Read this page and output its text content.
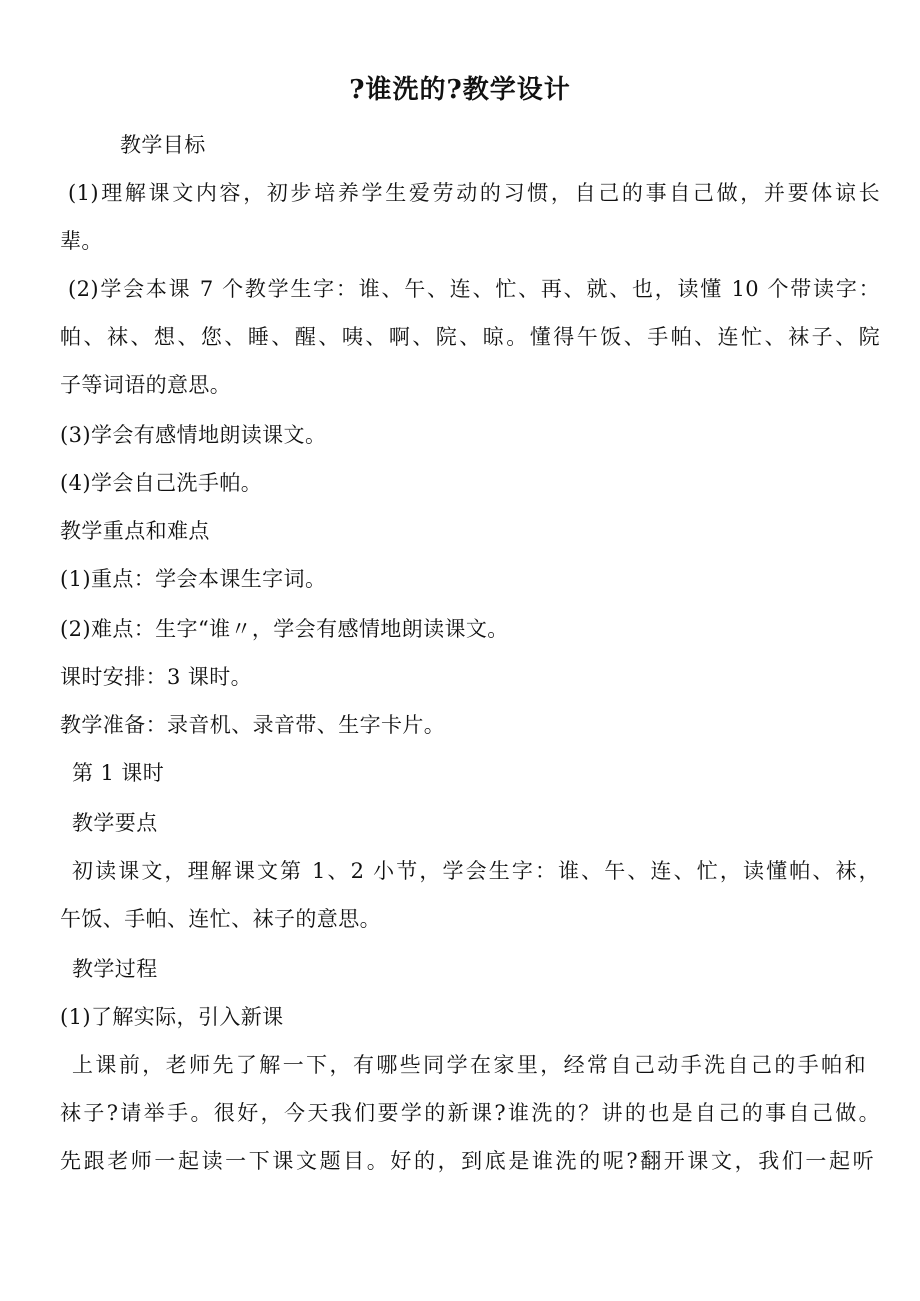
?谁洗的?教学设计
教学目标
(1)理解课文内容，初步培养学生爱劳动的习惯，自己的事自己做，并要体谅长
辈。
(2)学会本课 7 个教学生字：谁、午、连、忙、再、就、也，读懂 10 个带读字：
帕、袜、想、您、睡、醒、咦、啊、院、晾。懂得午饭、手帕、连忙、袜子、院
子等词语的意思。
(3)学会有感情地朗读课文。
(4)学会自己洗手帕。
教学重点和难点
(1)重点：学会本课生字词。
(2)难点：生字“谁〃，学会有感情地朗读课文。
课时安排：3 课时。
教学准备：录音机、录音带、生字卡片。
第 1 课时
教学要点
初读课文，理解课文第 1、2 小节，学会生字：谁、午、连、忙，读懂帕、袜，
午饭、手帕、连忙、袜子的意思。
教学过程
(1)了解实际，引入新课
上课前，老师先了解一下，有哪些同学在家里，经常自己动手洗自己的手帕和
袜子?请举手。很好，今天我们要学的新课?谁洗的？讲的也是自己的事自己做。
先跟老师一起读一下课文题目。好的，到底是谁洗的呢?翻开课文，我们一起听
